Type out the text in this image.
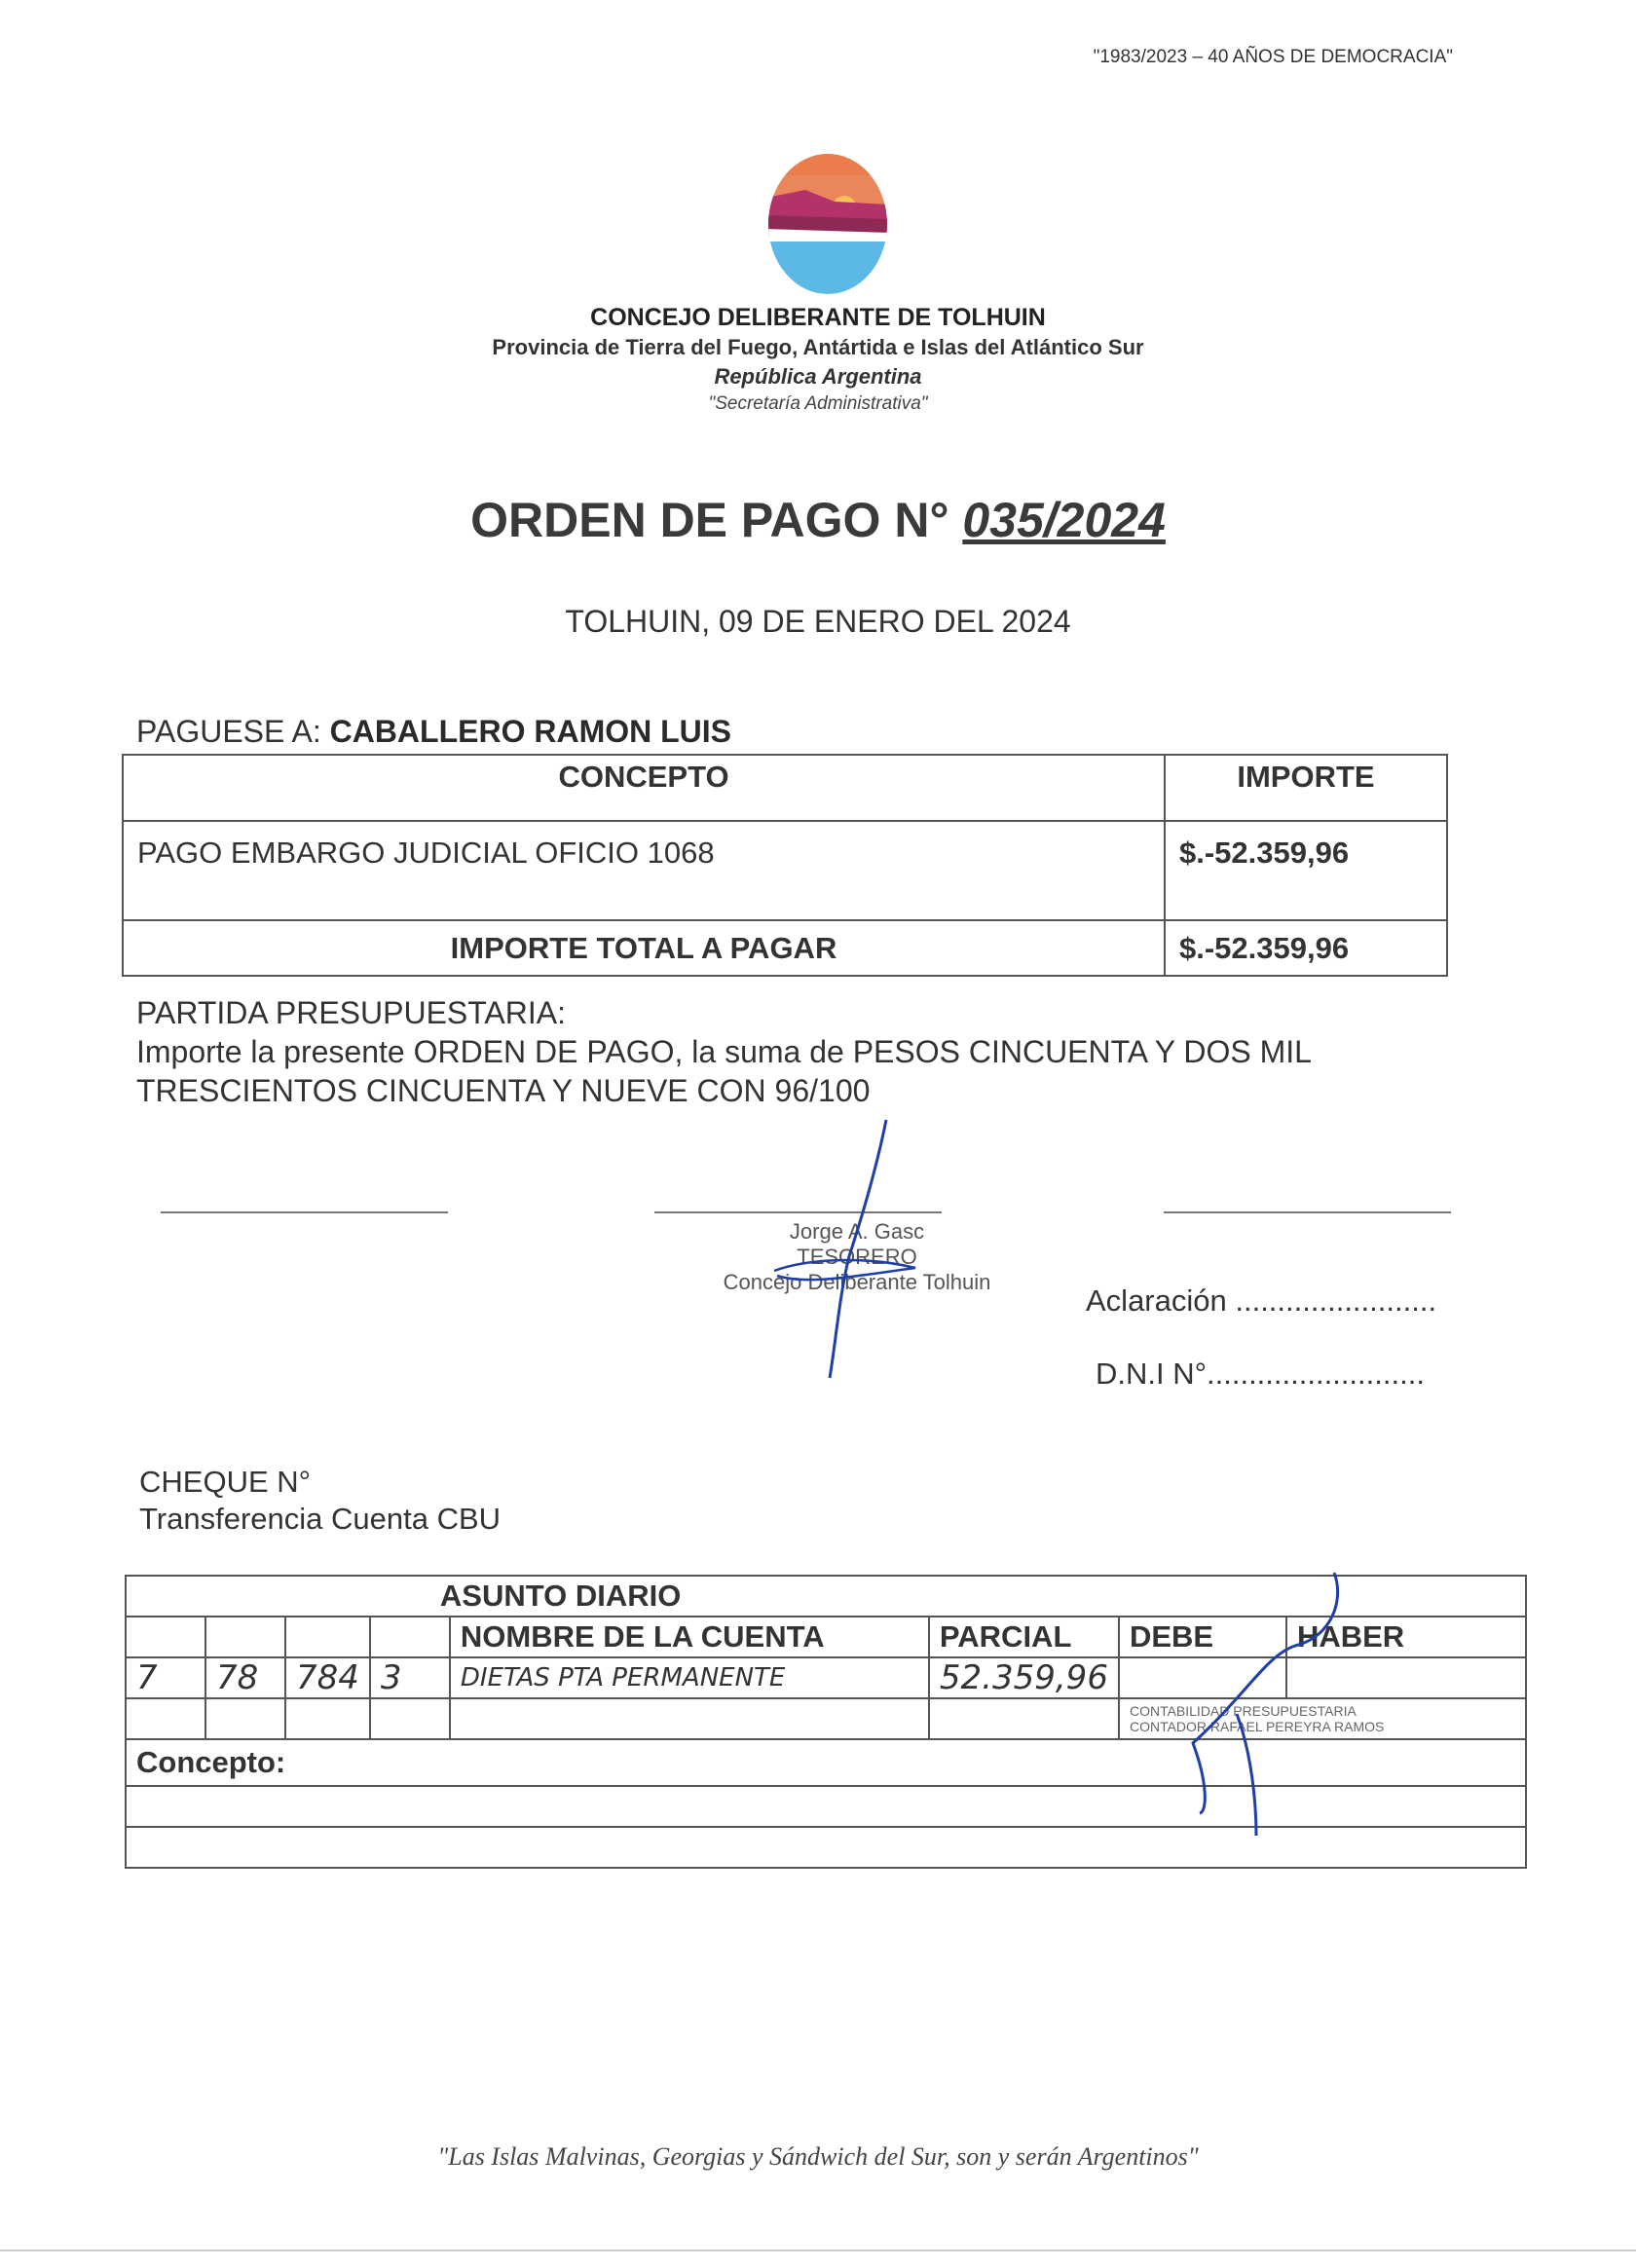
"1983/2023 – 40 AÑOS DE DEMOCRACIA"
CONCEJO DELIBERANTE DE TOLHUIN
Provincia de Tierra del Fuego, Antártida e Islas del Atlántico Sur
República Argentina
"Secretaría Administrativa"
ORDEN DE PAGO N° 035/2024
TOLHUIN, 09 DE ENERO DEL 2024
PAGUESE A: CABALLERO RAMON LUIS
CONCEPTO	IMPORTE
PAGO EMBARGO JUDICIAL OFICIO 1068	$.-52.359,96
IMPORTE TOTAL A PAGAR	$.-52.359,96
PARTIDA PRESUPUESTARIA:
Importe la presente ORDEN DE PAGO, la suma de PESOS CINCUENTA Y DOS MIL
TRESCIENTOS CINCUENTA Y NUEVE CON 96/100
Jorge A. Gasc
TESORERO
Concejo Deliberante Tolhuin
Aclaración ........................
D.N.I N°..........................
CHEQUE N°
Transferencia Cuenta CBU
				ASUNTO DIARIO			
				NOMBRE DE LA CUENTA	PARCIAL	DEBE	HABER
7	78	784	3	DIETAS PTA PERMANENTE	52.359,96		

						CONTABILIDAD PRESUPUESTARIA
CONTADOR RAFAEL PEREYRA RAMOS	

Concepto:							

"Las Islas Malvinas, Georgias y Sándwich del Sur, son y serán Argentinos"
